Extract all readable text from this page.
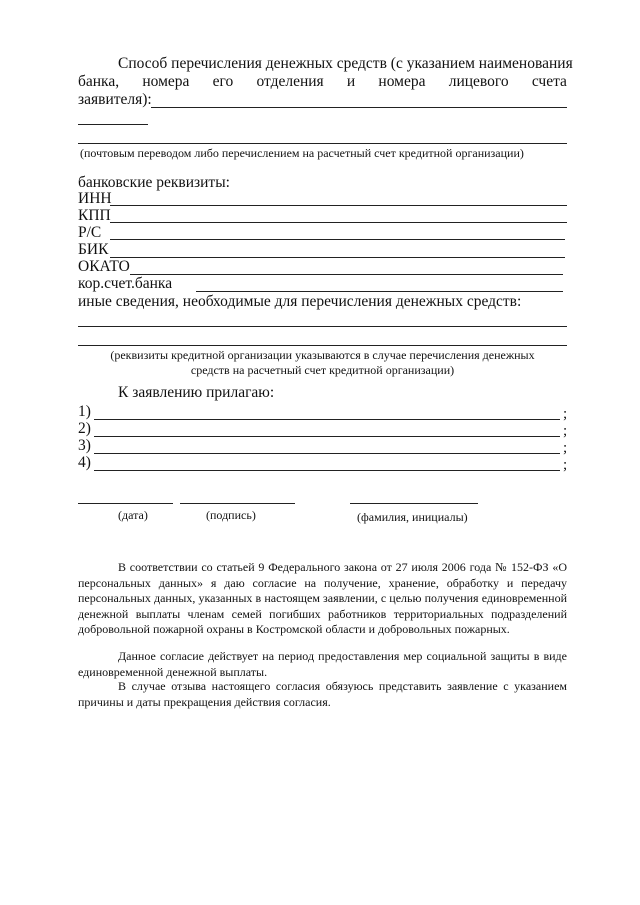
Способ перечисления денежных средств (с указанием наименования
банка, номера его отделения и номера лицевого счета
заявителя):
(почтовым переводом либо перечислением на расчетный счет кредитной организации)
банковские реквизиты:
ИНН
КПП
Р/С
БИК
ОКАТО
кор.счет.банка
иные сведения, необходимые для перечисления денежных средств:
(реквизиты кредитной организации указываются в случае перечисления денежных
средств на расчетный счет кредитной организации)
К заявлению прилагаю:
1)	;
2)	;
3)	;
4)	;
(дата)	(подпись)	(фамилия, инициалы)
В соответствии со статьей 9 Федерального закона от 27 июля 2006 года № 152-ФЗ «О персональных данных» я даю согласие на получение, хранение, обработку и передачу персональных данных, указанных в настоящем заявлении, с целью получения единовременной денежной выплаты членам семей погибших работников территориальных подразделений добровольной пожарной охраны в Костромской области и добровольных пожарных.
Данное согласие действует на период предоставления мер социальной защиты в виде единовременной денежной выплаты.
В случае отзыва настоящего согласия обязуюсь представить заявление с указанием причины и даты прекращения действия согласия.
